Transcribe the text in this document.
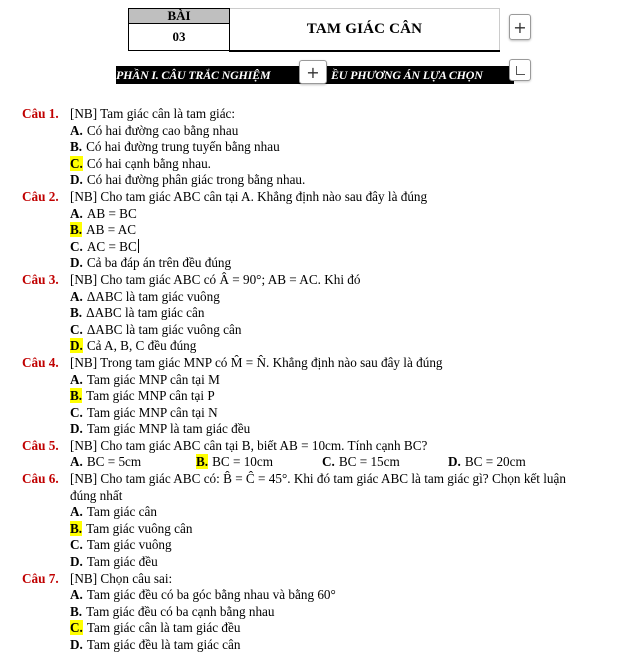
BÀI
03	TAM GIÁC CÂN	+
PHẦN I. CÂU TRẮC NGHIỆM	ỀU PHƯƠNG ÁN LỰA CHỌN
+
Câu 1. [NB] Tam giác cân là tam giác:
A. Có hai đường cao bằng nhau
B. Có hai đường trung tuyến bằng nhau
C. Có hai cạnh bằng nhau.
D. Có hai đường phân giác trong bằng nhau.
Câu 2. [NB] Cho tam giác ABC cân tại A. Khẳng định nào sau đây là đúng
A. AB = BC
B. AB = AC
C. AC = BC
D. Cả ba đáp án trên đều đúng
Câu 3. [NB] Cho tam giác ABC có Â = 90°; AB = AC. Khi đó
A. ΔABC là tam giác vuông
B. ΔABC là tam giác cân
C. ΔABC là tam giác vuông cân
D. Cả A, B, C đều đúng
Câu 4. [NB] Trong tam giác MNP có M̂ = N̂. Khẳng định nào sau đây là đúng
A. Tam giác MNP cân tại M
B. Tam giác MNP cân tại P
C. Tam giác MNP cân tại N
D. Tam giác MNP là tam giác đều
Câu 5. [NB] Cho tam giác ABC cân tại B, biết AB = 10cm. Tính cạnh BC?
A. BC = 5cm	B. BC = 10cm	C. BC = 15cm	D. BC = 20cm
Câu 6. [NB] Cho tam giác ABC có: B̂ = Ĉ = 45°. Khi đó tam giác ABC là tam giác gì? Chọn kết luận
đúng nhất
A. Tam giác cân
B. Tam giác vuông cân
C. Tam giác vuông
D. Tam giác đều
Câu 7. [NB] Chọn câu sai:
A. Tam giác đều có ba góc bằng nhau và bằng 60°
B. Tam giác đều có ba cạnh bằng nhau
C. Tam giác cân là tam giác đều
D. Tam giác đều là tam giác cân
